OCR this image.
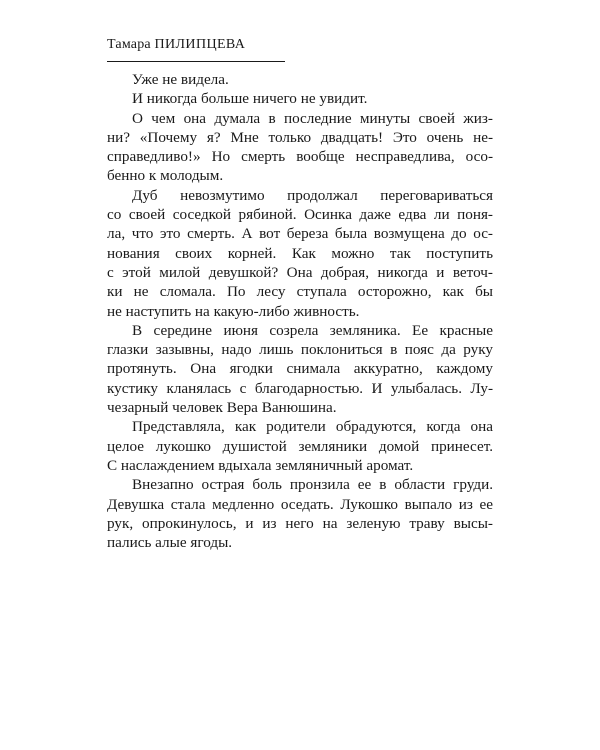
Тамара ПИЛИПЦЕВА
Уже не видела.
И никогда больше ничего не увидит.
О чем она думала в последние минуты своей жиз-
ни? «Почему я? Мне только двадцать! Это очень не-
справедливо!» Но смерть вообще несправедлива, осо-
бенно к молодым.
Дуб невозмутимо продолжал переговариваться
со своей соседкой рябиной. Осинка даже едва ли поня-
ла, что это смерть. А вот береза была возмущена до ос-
нования своих корней. Как можно так поступить
с этой милой девушкой? Она добрая, никогда и веточ-
ки не сломала. По лесу ступала осторожно, как бы
не наступить на какую-либо живность.
В середине июня созрела земляника. Ее красные
глазки зазывны, надо лишь поклониться в пояс да руку
протянуть. Она ягодки снимала аккуратно, каждому
кустику кланялась с благодарностью. И улыбалась. Лу-
чезарный человек Вера Ванюшина.
Представляла, как родители обрадуются, когда она
целое лукошко душистой земляники домой принесет.
С наслаждением вдыхала земляничный аромат.
Внезапно острая боль пронзила ее в области груди.
Девушка стала медленно оседать. Лукошко выпало из ее
рук, опрокинулось, и из него на зеленую траву высы-
пались алые ягоды.
